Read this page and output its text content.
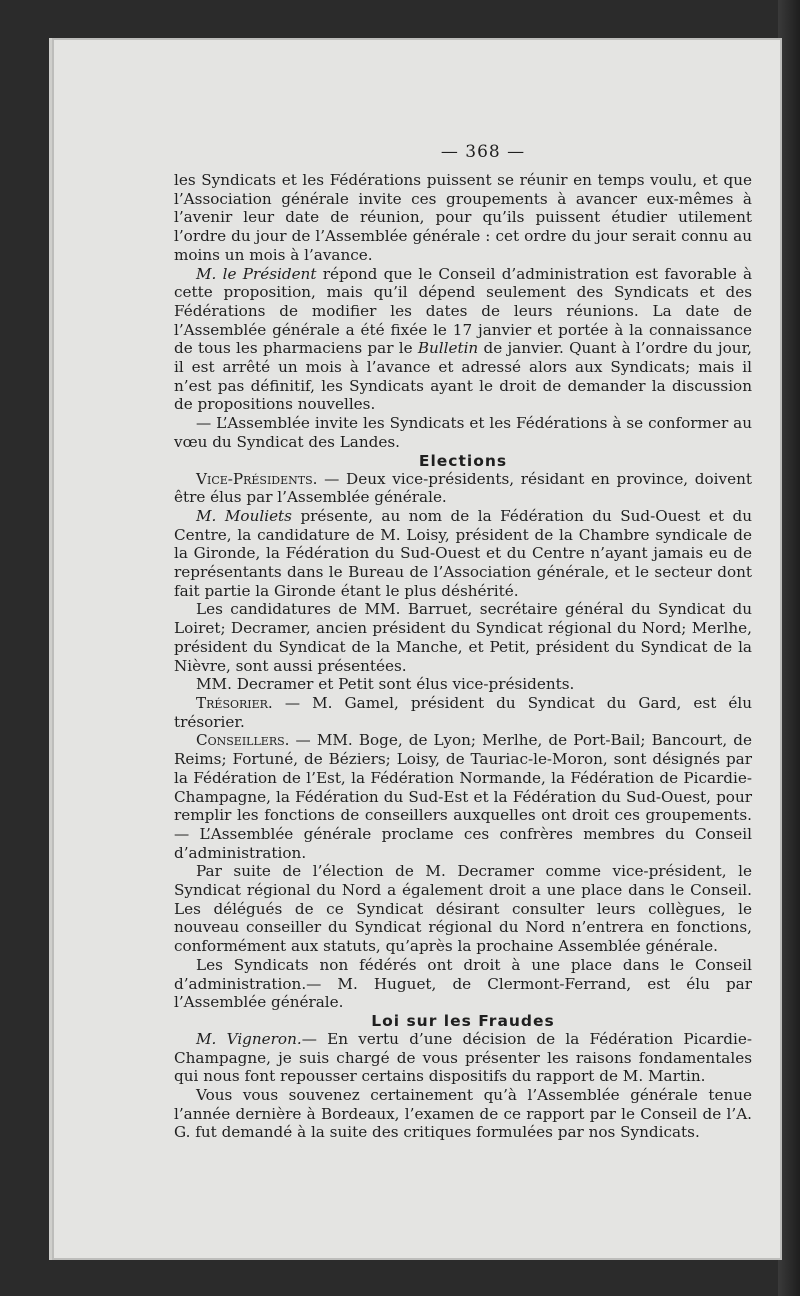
— 368 —

les Syndicats et les Fédérations puissent se réunir en temps voulu, et que l’Association générale invite ces groupements à avancer eux-mêmes à l’avenir leur date de réunion, pour qu’ils puissent étudier utilement l’ordre du jour de l’Assemblée générale : cet ordre du jour serait connu au moins un mois à l’avance.

M. le Président répond que le Conseil d’administration est favorable à cette proposition, mais qu’il dépend seulement des Syndicats et des Fédérations de modifier les dates de leurs réunions. La date de l’Assemblée générale a été fixée le 17 janvier et portée à la connaissance de tous les pharmaciens par le Bulletin de janvier. Quant à l’ordre du jour, il est arrêté un mois à l’avance et adressé alors aux Syndicats; mais il n’est pas définitif, les Syndicats ayant le droit de demander la discussion de propositions nouvelles.

— L’Assemblée invite les Syndicats et les Fédérations à se conformer au vœu du Syndicat des Landes.

Elections

Vice-Présidents. — Deux vice-présidents, résidant en province, doivent être élus par l’Assemblée générale.

M. Mouliets présente, au nom de la Fédération du Sud-Ouest et du Centre, la candidature de M. Loisy, président de la Chambre syndicale de la Gironde, la Fédération du Sud-Ouest et du Centre n’ayant jamais eu de représentants dans le Bureau de l’Association générale, et le secteur dont fait partie la Gironde étant le plus déshérité.

Les candidatures de MM. Barruet, secrétaire général du Syndicat du Loiret; Decramer, ancien président du Syndicat régional du Nord; Merlhe, président du Syndicat de la Manche, et Petit, président du Syndicat de la Nièvre, sont aussi présentées.

MM. Decramer et Petit sont élus vice-présidents.

Trésorier. — M. Gamel, président du Syndicat du Gard, est élu trésorier.

Conseillers. — MM. Boge, de Lyon; Merlhe, de Port-Bail; Bancourt, de Reims; Fortuné, de Béziers; Loisy, de Tauriac-le-Moron, sont désignés par la Fédération de l’Est, la Fédération Normande, la Fédération de Picardie-Champagne, la Fédération du Sud-Est et la Fédération du Sud-Ouest, pour remplir les fonctions de conseillers auxquelles ont droit ces groupements. — L’Assemblée générale proclame ces confrères membres du Conseil d’administration.

Par suite de l’élection de M. Decramer comme vice-président, le Syndicat régional du Nord a également droit a une place dans le Conseil. Les délégués de ce Syndicat désirant consulter leurs collègues, le nouveau conseiller du Syndicat régional du Nord n’entrera en fonctions, conformément aux statuts, qu’après la prochaine Assemblée générale.

Les Syndicats non fédérés ont droit à une place dans le Conseil d’administration.— M. Huguet, de Clermont-Ferrand, est élu par l’Assemblée générale.

Loi sur les Fraudes

M. Vigneron.— En vertu d’une décision de la Fédération Picardie-Champagne, je suis chargé de vous présenter les raisons fondamentales qui nous font repousser certains dispositifs du rapport de M. Martin.

Vous vous souvenez certainement qu’à l’Assemblée générale tenue l’année dernière à Bordeaux, l’examen de ce rapport par le Conseil de l’A. G. fut demandé à la suite des critiques formulées par nos Syndicats.
